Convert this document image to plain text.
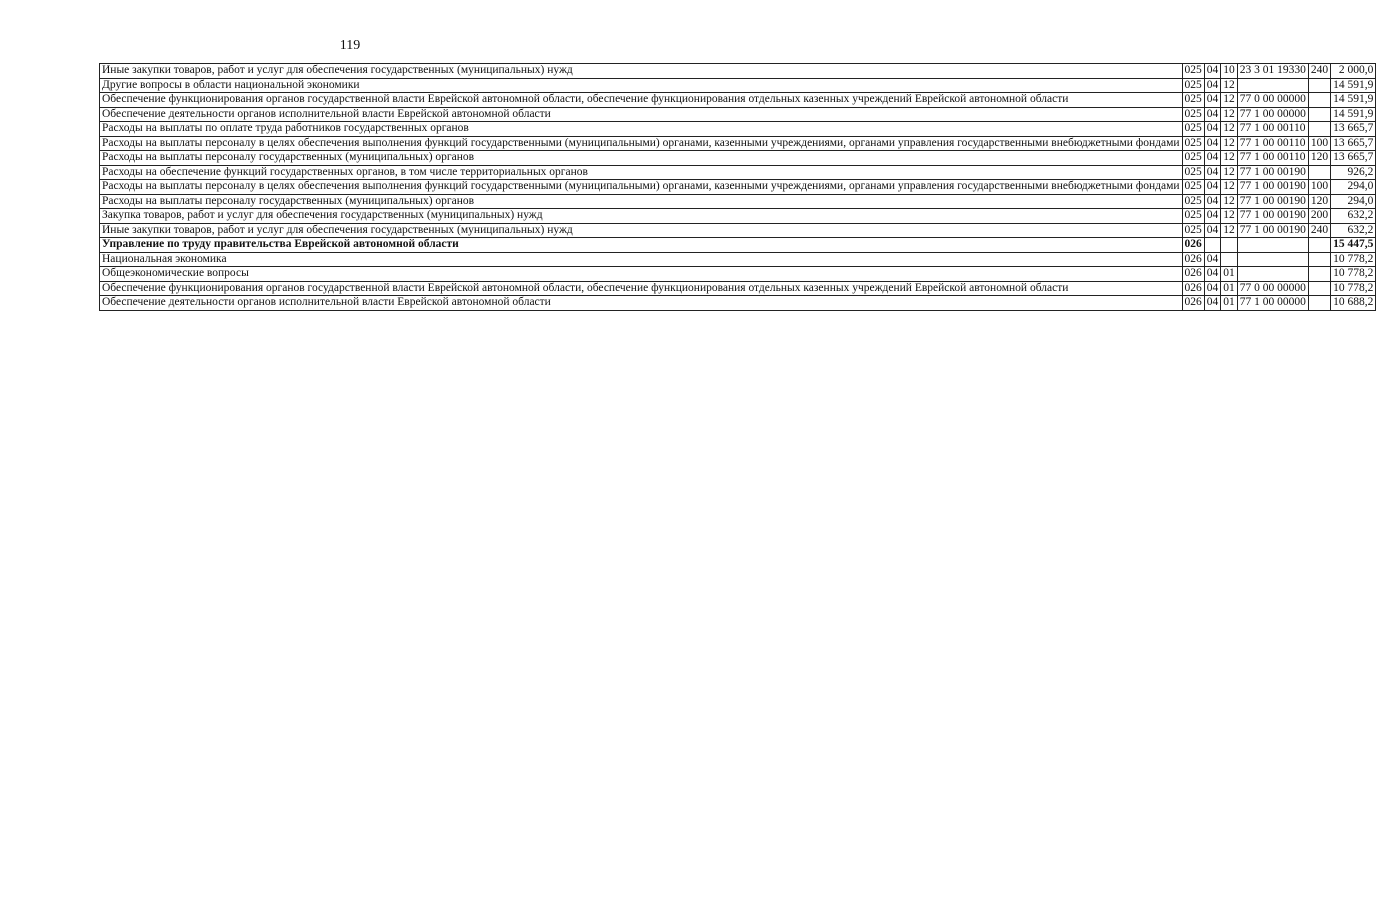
119
Иные закупки товаров, работ и услуг для обеспечения государственных (муниципальных) нужд	025	04	10	23 3 01 19330	240	2 000,0
Другие вопросы в области национальной экономики	025	04	12			14 591,9
Обеспечение функционирования органов государственной власти Еврейской автономной области, обеспечение функционирования отдельных казенных учреждений Еврейской автономной области	025	04	12	77 0 00 00000		14 591,9
Обеспечение деятельности органов исполнительной власти Еврейской автономной области	025	04	12	77 1 00 00000		14 591,9
Расходы на выплаты по оплате труда работников государственных органов	025	04	12	77 1 00 00110		13 665,7
Расходы на выплаты персоналу в целях обеспечения выполнения функций государственными (муниципальными) органами, казенными учреждениями, органами управления государственными внебюджетными фондами	025	04	12	77 1 00 00110	100	13 665,7
Расходы на выплаты персоналу государственных (муниципальных) органов	025	04	12	77 1 00 00110	120	13 665,7
Расходы на обеспечение функций государственных органов, в том числе территориальных органов	025	04	12	77 1 00 00190		926,2
Расходы на выплаты персоналу в целях обеспечения выполнения функций государственными (муниципальными) органами, казенными учреждениями, органами управления государственными внебюджетными фондами	025	04	12	77 1 00 00190	100	294,0
Расходы на выплаты персоналу государственных (муниципальных) органов	025	04	12	77 1 00 00190	120	294,0
Закупка товаров, работ и услуг для обеспечения государственных (муниципальных) нужд	025	04	12	77 1 00 00190	200	632,2
Иные закупки товаров, работ и услуг для обеспечения государственных (муниципальных) нужд	025	04	12	77 1 00 00190	240	632,2
Управление по труду правительства Еврейской автономной области	026					15 447,5
Национальная экономика	026	04				10 778,2
Общеэкономические вопросы	026	04	01			10 778,2
Обеспечение функционирования органов государственной власти Еврейской автономной области, обеспечение функционирования отдельных казенных учреждений Еврейской автономной области	026	04	01	77 0 00 00000		10 778,2
Обеспечение деятельности органов исполнительной власти Еврейской автономной области	026	04	01	77 1 00 00000		10 688,2
